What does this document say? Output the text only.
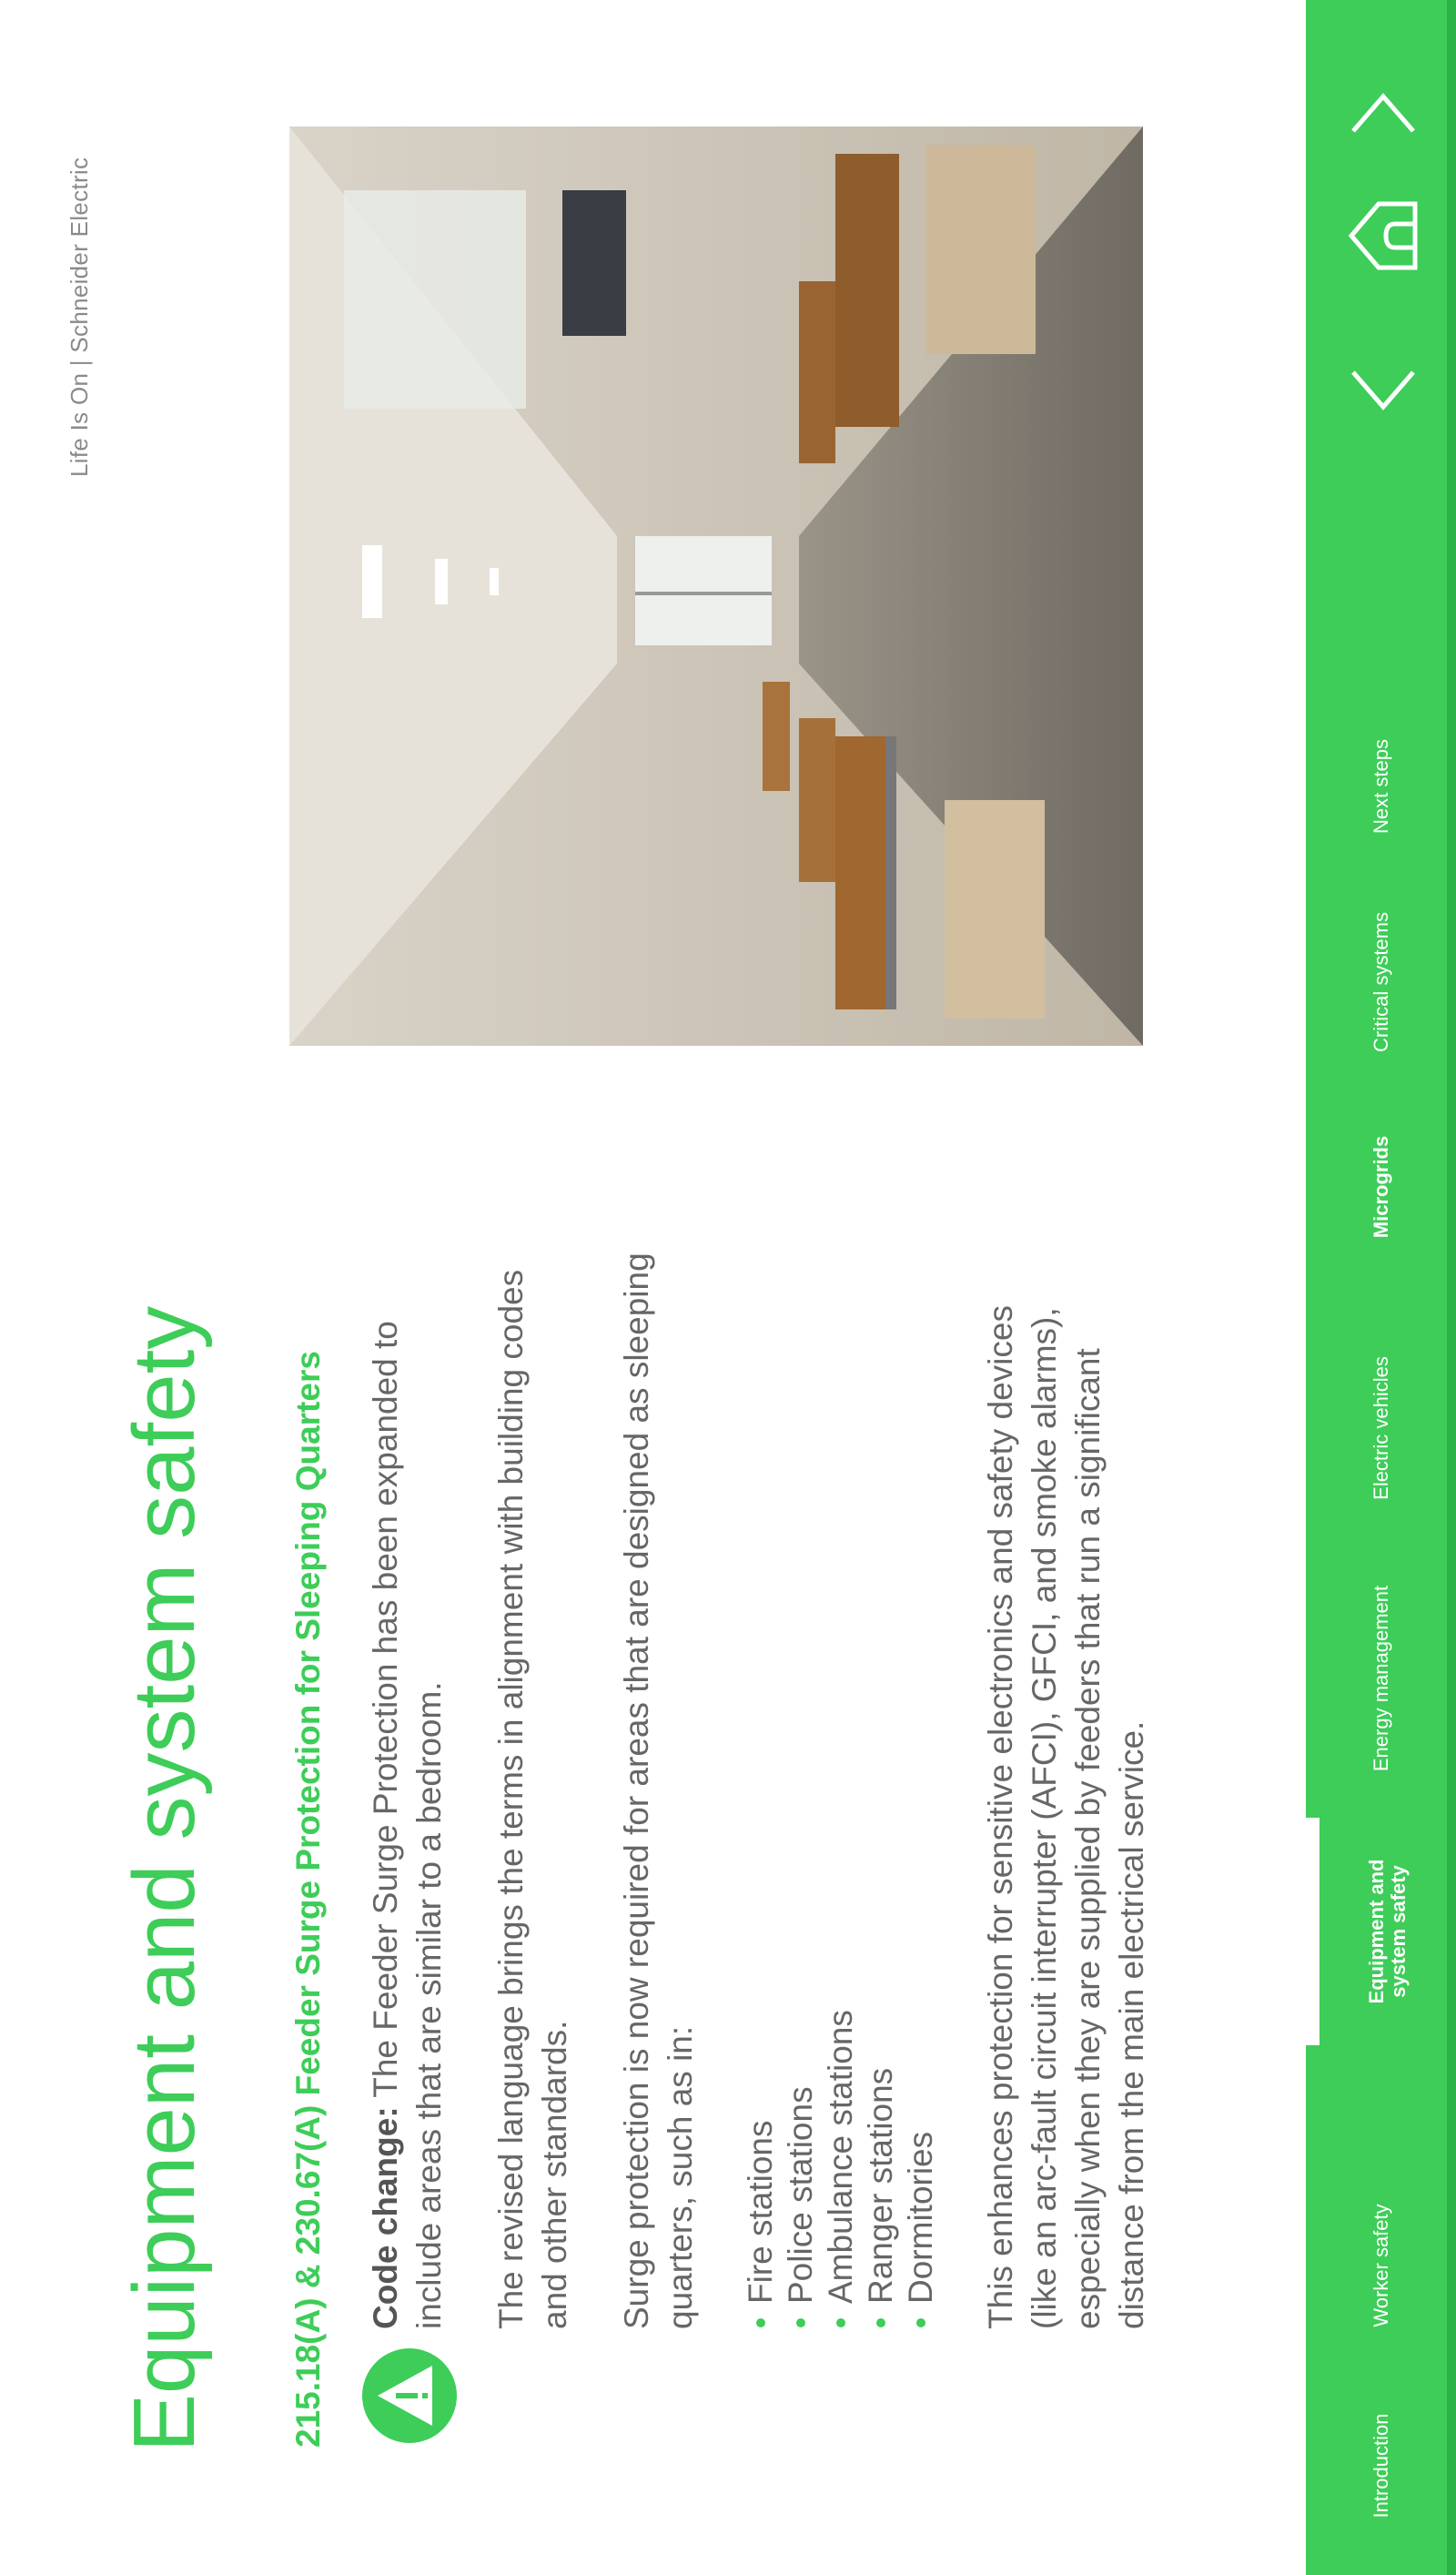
Life Is On | Schneider Electric
Equipment and system safety 215.18(A) & 230.67(A) Feeder Surge Protection for Sleeping Quarters Code change: The Feeder Surge Protection has been expanded to include areas that are similar to a bedroom. The revised language brings the terms in alignment with building codes and other standards. Surge protection is now required for areas that are designed as sleeping quarters, such as in: Fire stations Police stations Ambulance stations Ranger stations Dormitories This enhances protection for sensitive electronics and safety devices (like an arc-fault circuit interrupter (AFCI), GFCI, and smoke alarms), especially when they are supplied by feeders that run a significant distance from the main electrical service.

Introduction
Worker safety
Equipment and system safety
Energy management
Electric vehicles
Microgrids
Critical systems
Next steps
